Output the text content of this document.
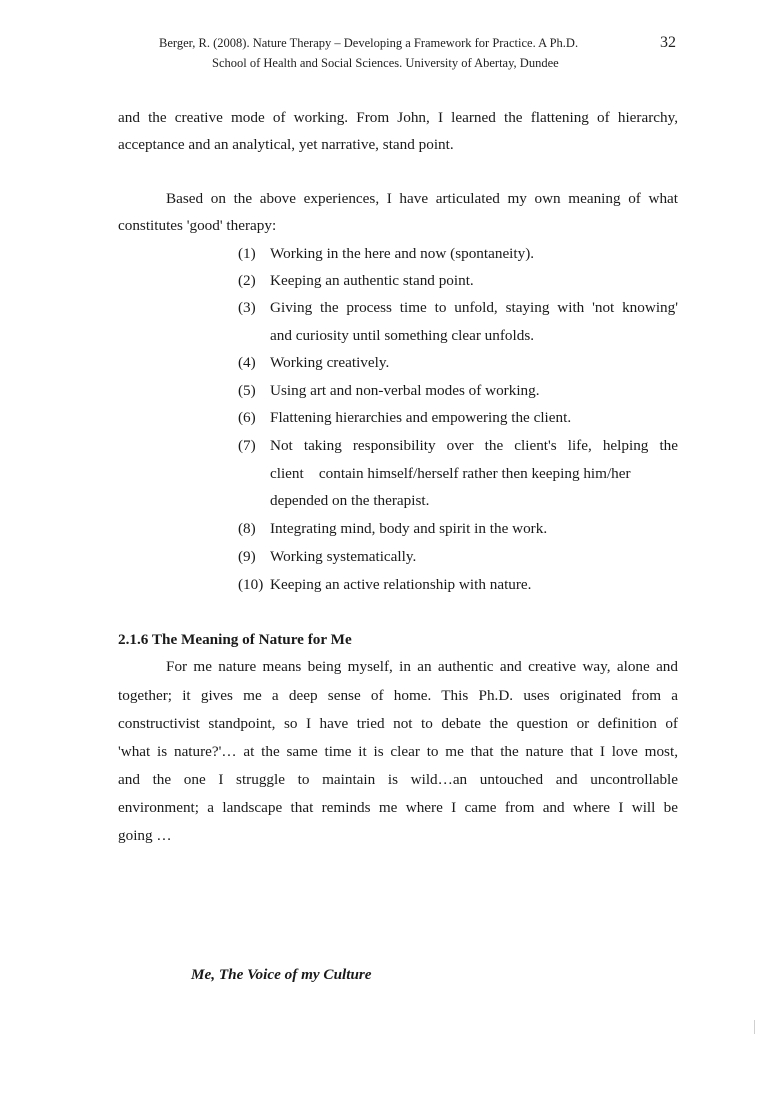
Berger, R. (2008). Nature Therapy – Developing a Framework for Practice. A Ph.D.	32
School of Health and Social Sciences. University of Abertay, Dundee
and the creative mode of working. From John, I learned the flattening of hierarchy,
acceptance and an analytical, yet narrative, stand point.
Based on the above experiences, I have articulated my own meaning of what
constitutes 'good' therapy:
(1) Working in the here and now (spontaneity).
(2) Keeping an authentic stand point.
(3) Giving the process time to unfold, staying with 'not knowing'
and curiosity until something clear unfolds.
(4) Working creatively.
(5) Using art and non-verbal modes of working.
(6) Flattening hierarchies and empowering the client.
(7) Not taking responsibility over the client's life, helping the
client    contain himself/herself rather then keeping him/her
depended on the therapist.
(8) Integrating mind, body and spirit in the work.
(9) Working systematically.
(10) Keeping an active relationship with nature.
2.1.6 The Meaning of Nature for Me
For me nature means being myself, in an authentic and creative way, alone and
together; it gives me a deep sense of home. This Ph.D. uses originated from a
constructivist standpoint, so I have tried not to debate the question or definition of
'what is nature?'… at the same time it is clear to me that the nature that I love most,
and the one I struggle to maintain is wild…an untouched and uncontrollable
environment; a landscape that reminds me where I came from and where I will be
going …
Me, The Voice of my Culture
